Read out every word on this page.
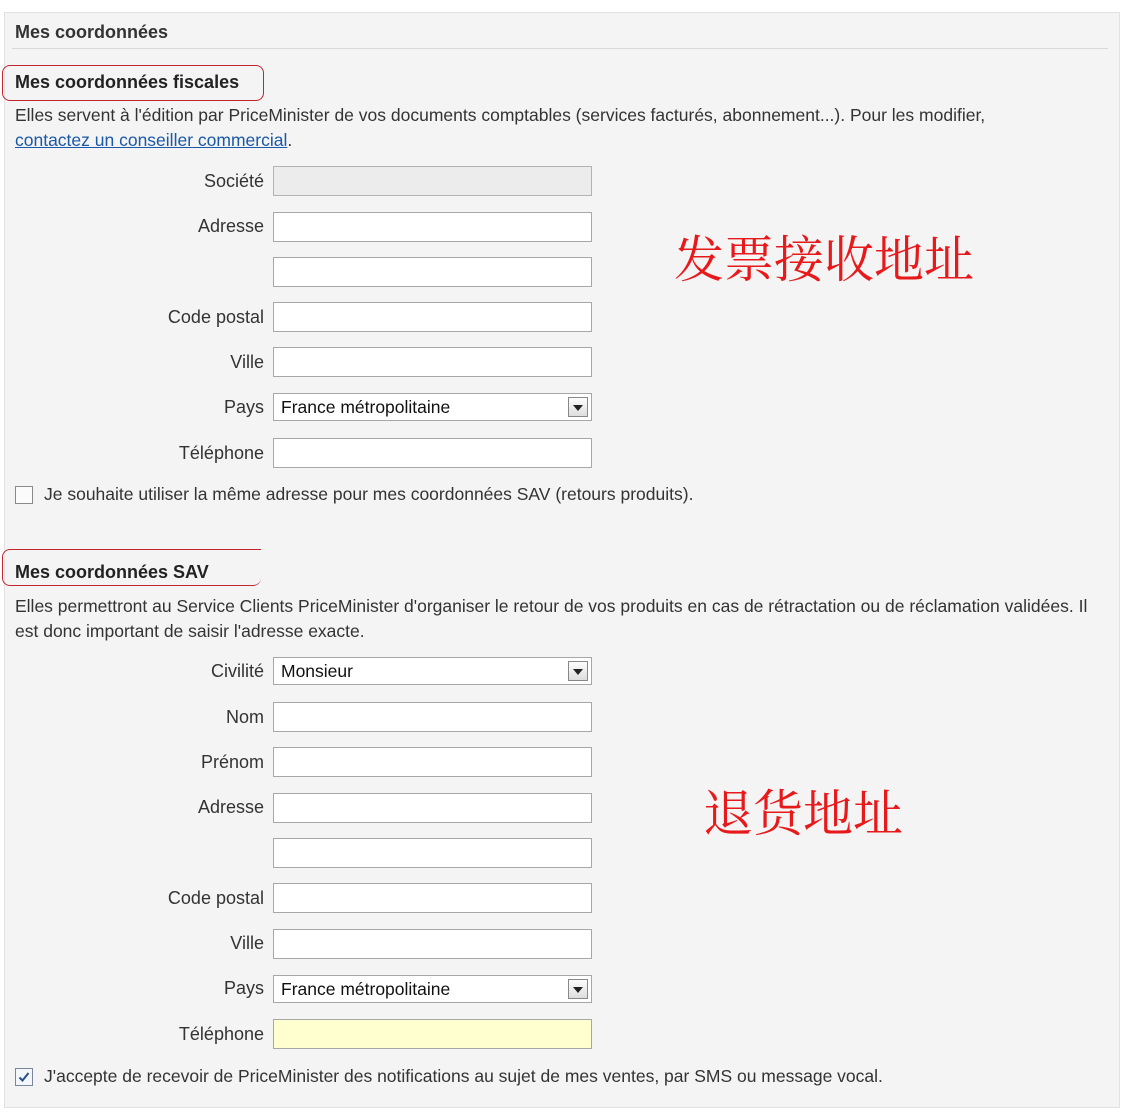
Mes coordonnées
Mes coordonnées fiscales
Elles servent à l'édition par PriceMinister de vos documents comptables (services facturés, abonnement...). Pour les modifier,
contactez un conseiller commercial.
Société
Adresse
Code postal
Ville
Pays France métropolitaine
Téléphone
Je souhaite utiliser la même adresse pour mes coordonnées SAV (retours produits).
发票接收地址
Mes coordonnées SAV
Elles permettront au Service Clients PriceMinister d'organiser le retour de vos produits en cas de rétractation ou de réclamation validées. Il est donc important de saisir l'adresse exacte.
Civilité Monsieur
Nom
Prénom
Adresse
Code postal
Ville
Pays France métropolitaine
Téléphone
J'accepte de recevoir de PriceMinister des notifications au sujet de mes ventes, par SMS ou message vocal.
退货地址
